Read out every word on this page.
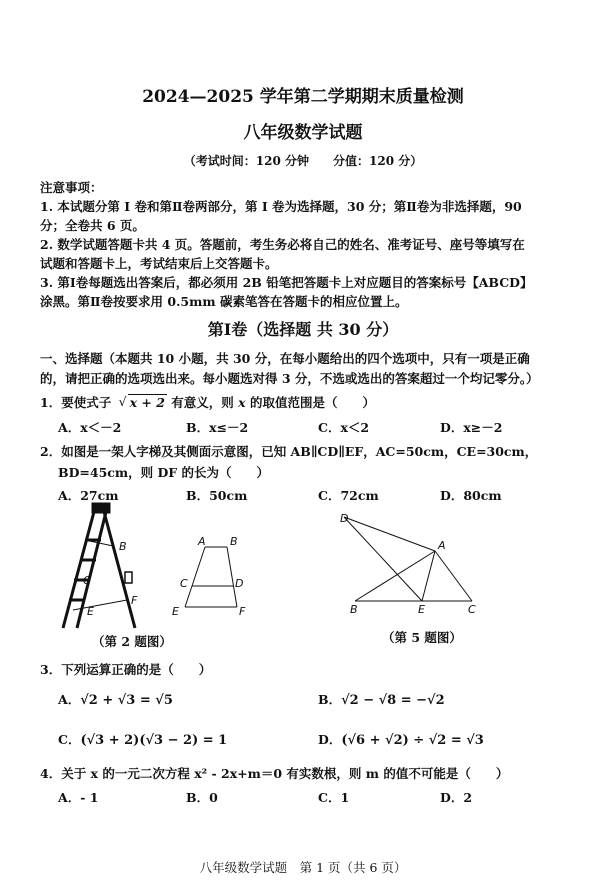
2024—2025 学年第二学期期末质量检测
八年级数学试题
（考试时间：120 分钟　　分值：120 分）
注意事项：
1. 本试题分第 I 卷和第Ⅱ卷两部分，第 I 卷为选择题，30 分；第Ⅱ卷为非选择题，90
分；全卷共 6 页。
2. 数学试题答题卡共 4 页。答题前，考生务必将自己的姓名、准考证号、座号等填写在
试题和答题卡上，考试结束后上交答题卡。
3. 第Ⅰ卷每题选出答案后，都必须用 2B 铅笔把答题卡上对应题目的答案标号【ABCD】
涂黑。第Ⅱ卷按要求用 0.5mm 碳素笔答在答题卡的相应位置上。
第Ⅰ卷（选择题 共 30 分）
一、选择题（本题共 10 小题，共 30 分，在每小题给出的四个选项中，只有一项是正确
的，请把正确的选项选出来。每小题选对得 3 分，不选或选出的答案超过一个均记零分。）
1．要使式子 √ x + 2 有意义，则 x 的取值范围是（　　）
A．x＜－2	B．x≤－2	C．x＜2	D．x≥－2
2．如图是一架人字梯及其侧面示意图，已知 AB∥CD∥EF，AC=50cm，CE=30cm，
BD=45cm，则 DF 的长为（　　）
A．27cm	B．50cm	C．72cm	D．80cm
B
C
F
E
A B
C	D
E	F
（第 2 题图）
D
A
B	E	C
（第 5 题图）
3．下列运算正确的是（　　）
A．√2 + √3 = √5	B．√2 − √8 = −√2
C．(√3 + 2)(√3 − 2) = 1	D．(√6 + √2) ÷ √2 = √3
4．关于 x 的一元二次方程 x² - 2x+m＝0 有实数根，则 m 的值不可能是（　　）
A．- 1	B．0	C．1	D．2
八年级数学试题　第 1 页（共 6 页）
